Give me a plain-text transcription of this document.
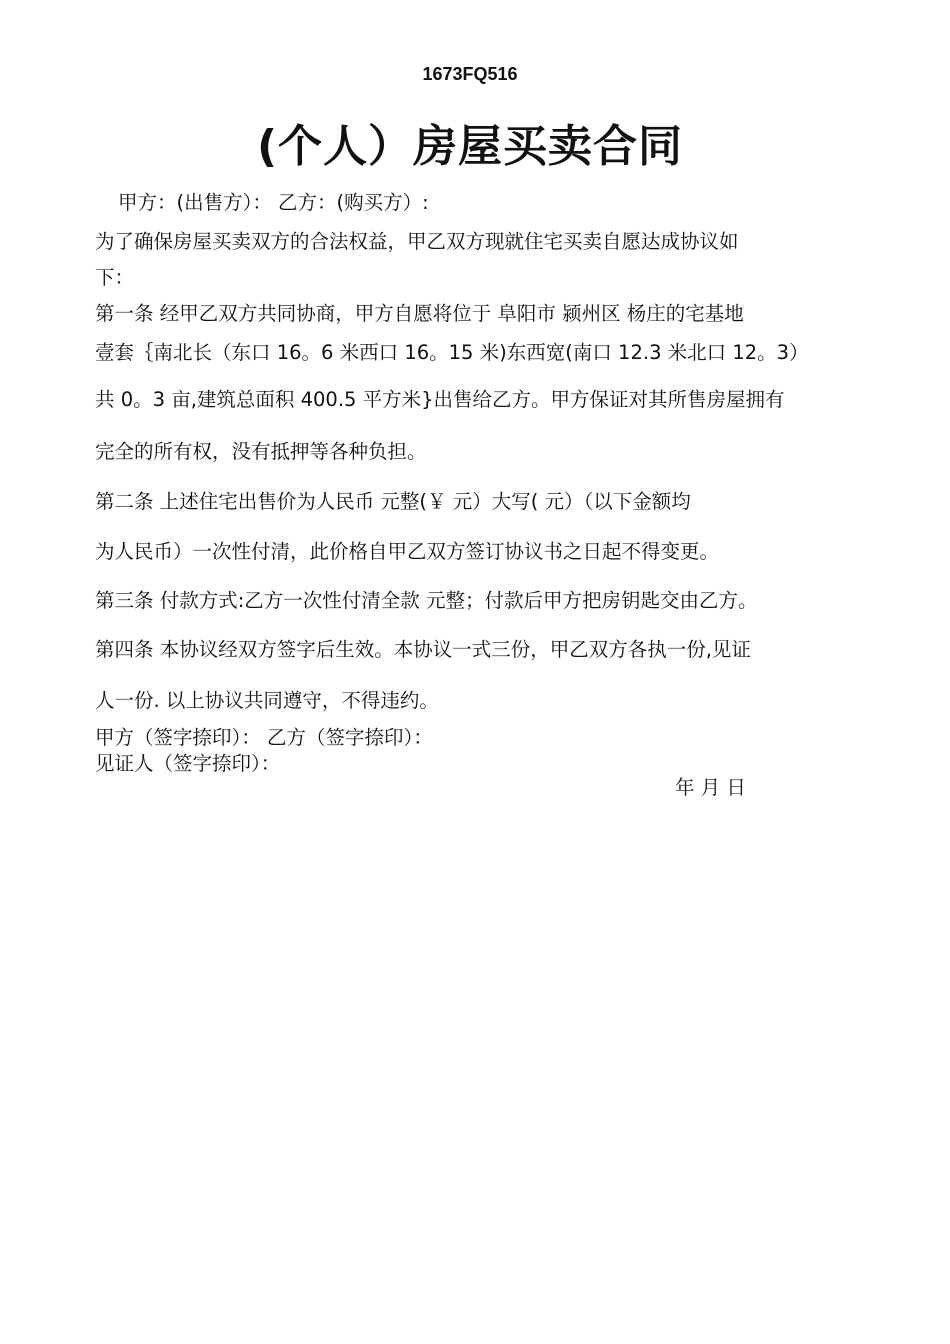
1673FQ516
(个人）房屋买卖合同
甲方：(出售方）： 乙方：(购买方）:
为了确保房屋买卖双方的合法权益，甲乙双方现就住宅买卖自愿达成协议如
下：
第一条 经甲乙双方共同协商，甲方自愿将位于 阜阳市 颍州区 杨庄的宅基地
壹套｛南北长（东口 16。6 米西口 16。15 米)东西宽(南口 12.3 米北口 12。3）
共 0。3 亩,建筑总面积 400.5 平方米}出售给乙方。甲方保证对其所售房屋拥有
完全的所有权，没有抵押等各种负担。
第二条 上述住宅出售价为人民币 元整(￥ 元）大写( 元）（以下金额均
为人民币）一次性付清，此价格自甲乙双方签订协议书之日起不得变更。
第三条 付款方式:乙方一次性付清全款 元整；付款后甲方把房钥匙交由乙方。
第四条 本协议经双方签字后生效。本协议一式三份，甲乙双方各执一份,见证
人一份. 以上协议共同遵守，不得违约。
甲方（签字捺印）： 乙方（签字捺印）：
见证人（签字捺印）：
年 月 日
